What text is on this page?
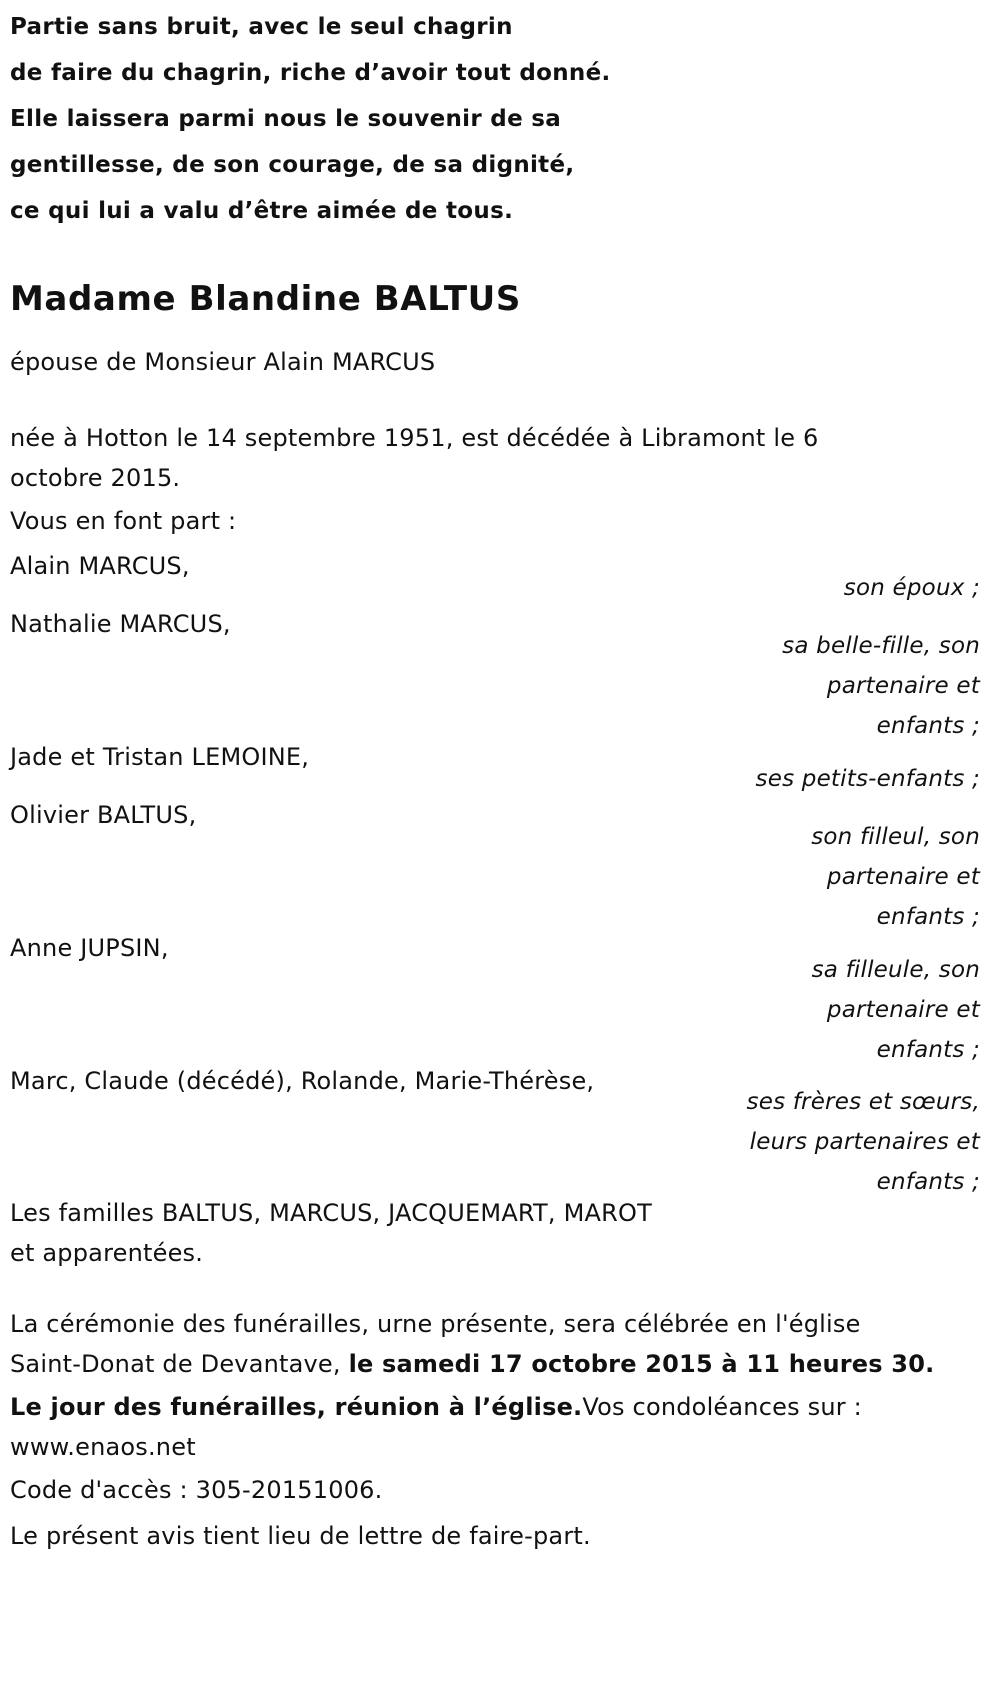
Partie sans bruit, avec le seul chagrin
de faire du chagrin, riche d’avoir tout donné.
Elle laissera parmi nous le souvenir de sa
gentillesse, de son courage, de sa dignité,
ce qui lui a valu d’être aimée de tous.
Madame Blandine BALTUS
épouse de Monsieur Alain MARCUS
née à Hotton le 14 septembre 1951, est décédée à Libramont le 6 octobre 2015.
Vous en font part :
Alain MARCUS,
son époux ;
Nathalie MARCUS,
sa belle-fille, son
partenaire et
enfants ;
Jade et Tristan LEMOINE,
ses petits-enfants ;
Olivier BALTUS,
son filleul, son
partenaire et
enfants ;
Anne JUPSIN,
sa filleule, son
partenaire et
enfants ;
Marc, Claude (décédé), Rolande, Marie-Thérèse,
ses frères et sœurs,
leurs partenaires et
enfants ;
Les familles BALTUS, MARCUS, JACQUEMART, MAROT
et apparentées.
La cérémonie des funérailles, urne présente, sera célébrée en l'église
Saint-Donat de Devantave, le samedi 17 octobre 2015 à 11 heures 30.
Le jour des funérailles, réunion à l’église.Vos condoléances sur :
www.enaos.net
Code d'accès : 305-20151006.
Le présent avis tient lieu de lettre de faire-part.
